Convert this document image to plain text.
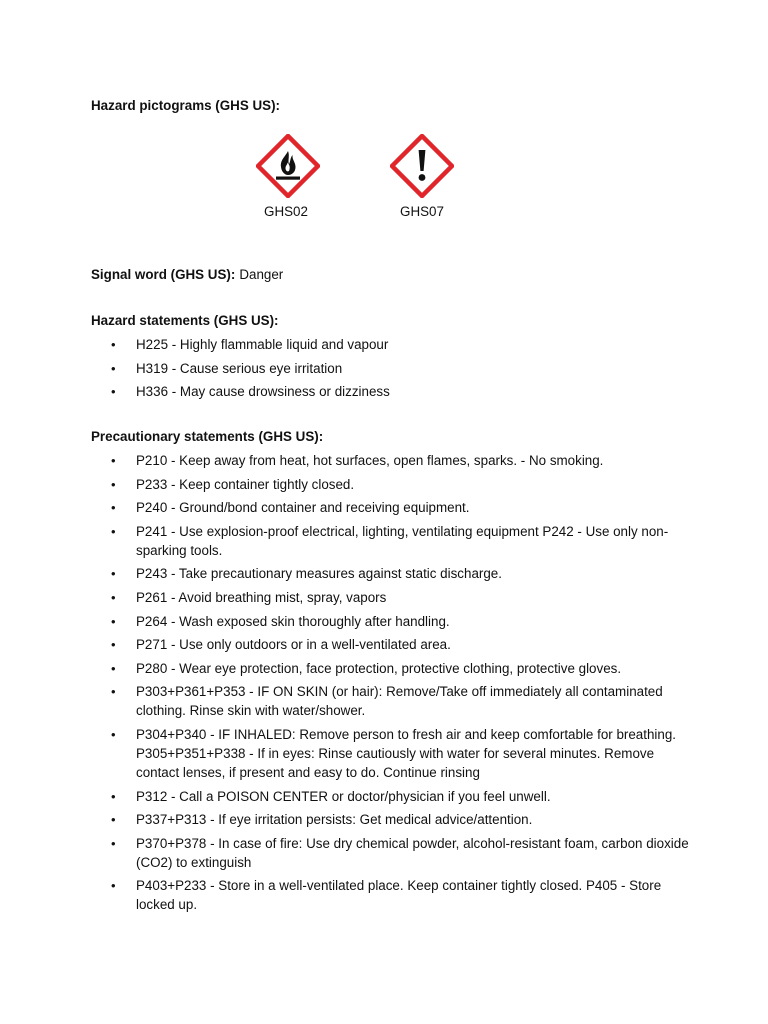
Hazard pictograms (GHS US):
GHS02	GHS07
Signal word (GHS US): Danger
Hazard statements (GHS US):
• H225 - Highly flammable liquid and vapour
• H319 - Cause serious eye irritation
• H336 - May cause drowsiness or dizziness
Precautionary statements (GHS US):
• P210 - Keep away from heat, hot surfaces, open flames, sparks. - No smoking.
• P233 - Keep container tightly closed.
• P240 - Ground/bond container and receiving equipment.
• P241 - Use explosion-proof electrical, lighting, ventilating equipment P242 - Use only non-sparking tools.
• P243 - Take precautionary measures against static discharge.
• P261 - Avoid breathing mist, spray, vapors
• P264 - Wash exposed skin thoroughly after handling.
• P271 - Use only outdoors or in a well-ventilated area.
• P280 - Wear eye protection, face protection, protective clothing, protective gloves.
• P303+P361+P353 - IF ON SKIN (or hair): Remove/Take off immediately all contaminated clothing. Rinse skin with water/shower.
• P304+P340 - IF INHALED: Remove person to fresh air and keep comfortable for breathing. P305+P351+P338 - If in eyes: Rinse cautiously with water for several minutes. Remove contact lenses, if present and easy to do. Continue rinsing
• P312 - Call a POISON CENTER or doctor/physician if you feel unwell.
• P337+P313 - If eye irritation persists: Get medical advice/attention.
• P370+P378 - In case of fire: Use dry chemical powder, alcohol-resistant foam, carbon dioxide (CO2) to extinguish
• P403+P233 - Store in a well-ventilated place. Keep container tightly closed. P405 - Store locked up.
